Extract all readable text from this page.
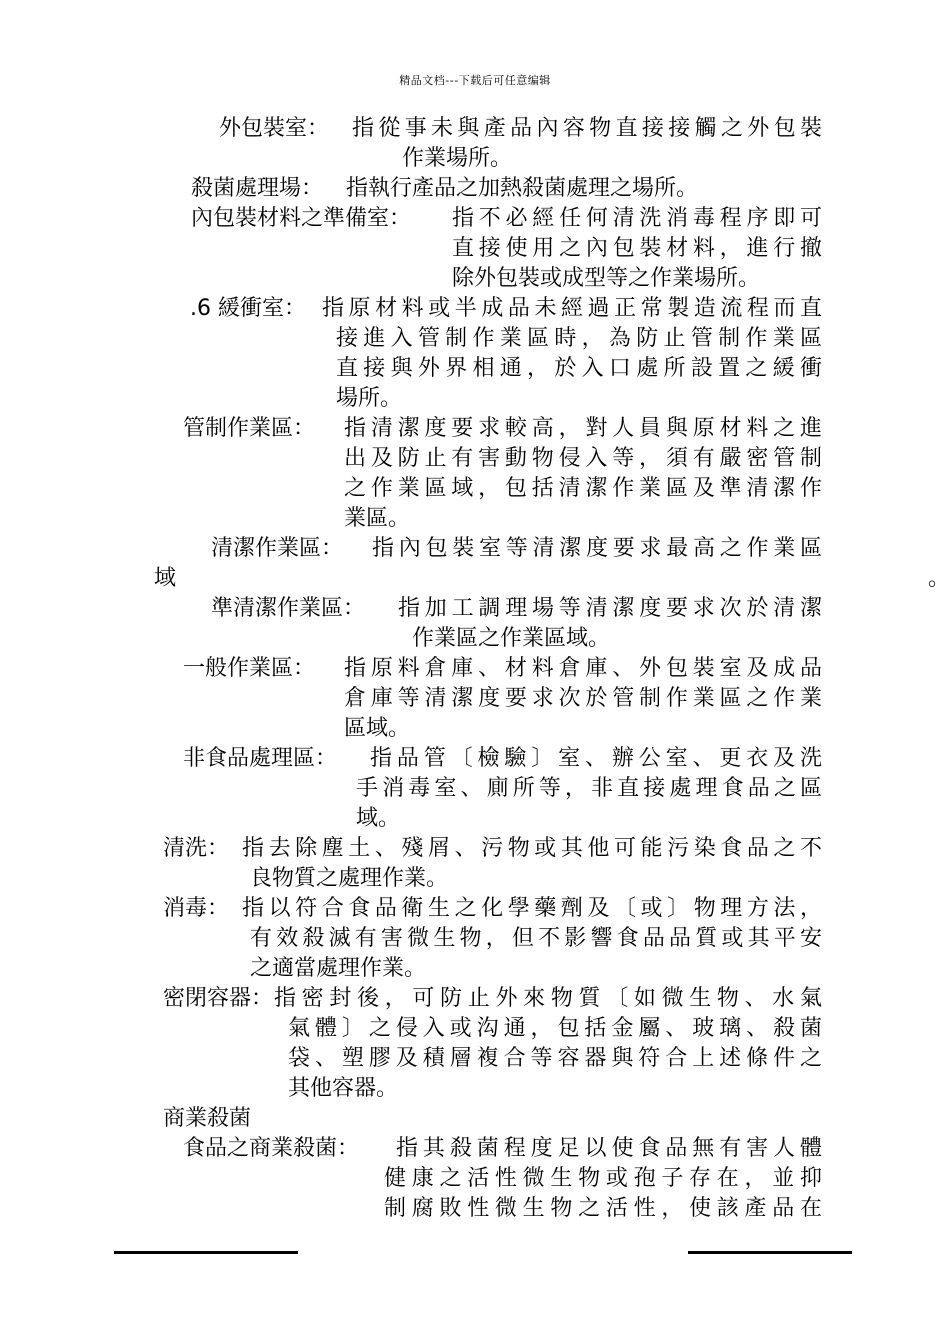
精品文档---下载后可任意编辑
外包裝室： 指從事未與產品內容物直接接觸之外包裝
作業場所。
殺菌處理場： 指執行產品之加熱殺菌處理之場所。
內包裝材料之準備室： 指不必經任何清洗消毒程序即可
直接使用之內包裝材料，進行撤
除外包裝或成型等之作業場所。
.6 緩衝室： 指原材料或半成品未經過正常製造流程而直
接進入管制作業區時，為防止管制作業區
直接與外界相通，於入口處所設置之緩衝
場所。
管制作業區： 指清潔度要求較高，對人員與原材料之進
出及防止有害動物侵入等，須有嚴密管制
之作業區域，包括清潔作業區及準清潔作
業區。
清潔作業區： 指內包裝室等清潔度要求最高之作業區
域。
準清潔作業區： 指加工調理場等清潔度要求次於清潔
作業區之作業區域。
一般作業區： 指原料倉庫、材料倉庫、外包裝室及成品
倉庫等清潔度要求次於管制作業區之作業
區域。
非食品處理區： 指品管〔檢驗〕室、辦公室、更衣及洗
手消毒室、廁所等，非直接處理食品之區
域。
清洗： 指去除塵土、殘屑、污物或其他可能污染食品之不
良物質之處理作業。
消毒： 指以符合食品衛生之化學藥劑及〔或〕物理方法，
有效殺滅有害微生物，但不影響食品品質或其平安
之適當處理作業。
密閉容器： 指密封後，可防止外來物質〔如微生物、水氣
氣體〕之侵入或沟通，包括金屬、玻璃、殺菌
袋、塑膠及積層複合等容器與符合上述條件之
其他容器。
商業殺菌
食品之商業殺菌： 指其殺菌程度足以使食品無有害人體
健康之活性微生物或孢子存在，並抑
制腐敗性微生物之活性，使該產品在
